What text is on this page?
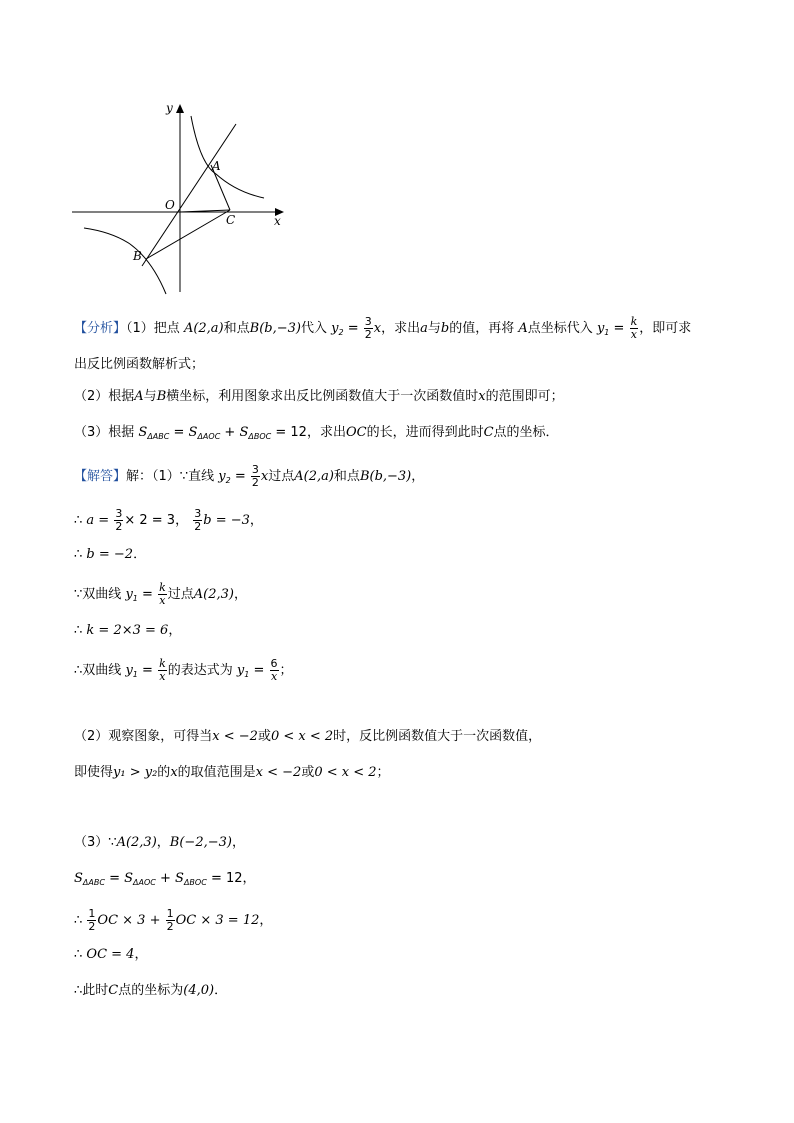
y
x
O
A
B
C
【分析】（1）把点 A(2,a)和点B(b,−3)代入 $y_2 = \frac{3}{2}$ x，求出a与b的值，再将 A点坐标代入 $y_1 = \frac{k}{x}$ ，即可求
出反比例函数解析式；
（2）根据A与B横坐标，利用图象求出反比例函数值大于一次函数值时x的范围即可；
（3）根据 $S_{\Delta ABC} = S_{\Delta AOC} + S_{\Delta BOC} = 12$，求出OC的长，进而得到此时C点的坐标．
【解答】解：（1）∵直线 $y_2 = \frac{3}{2}$ x过点A(2,a)和点B(b,−3)，
∴ $a = \frac{3}{2} \times 2 = 3$， $\frac{3}{2}$ b = −3，
∴ b = −2．
∵双曲线 $y_1 = \frac{k}{x}$ 过点A(2,3)，
∴ k = 2×3 = 6，
∴双曲线 $y_1 = \frac{k}{x}$ 的表达式为 $y_1 = \frac{6}{x}$ ；
（2）观察图象，可得当x < −2或0 < x < 2时，反比例函数值大于一次函数值，
即使得y₁ > y₂的x的取值范围是x < −2或0 < x < 2；
（3）∵A(2,3)，B(−2,−3)，
$S_{\Delta ABC} = S_{\Delta AOC} + S_{\Delta BOC} = 12$，
∴ $\frac{1}{2}$ OC × $3 + \frac{1}{2}$ OC × 3 = 12，
∴ OC = 4，
∴此时C点的坐标为(4,0)．
